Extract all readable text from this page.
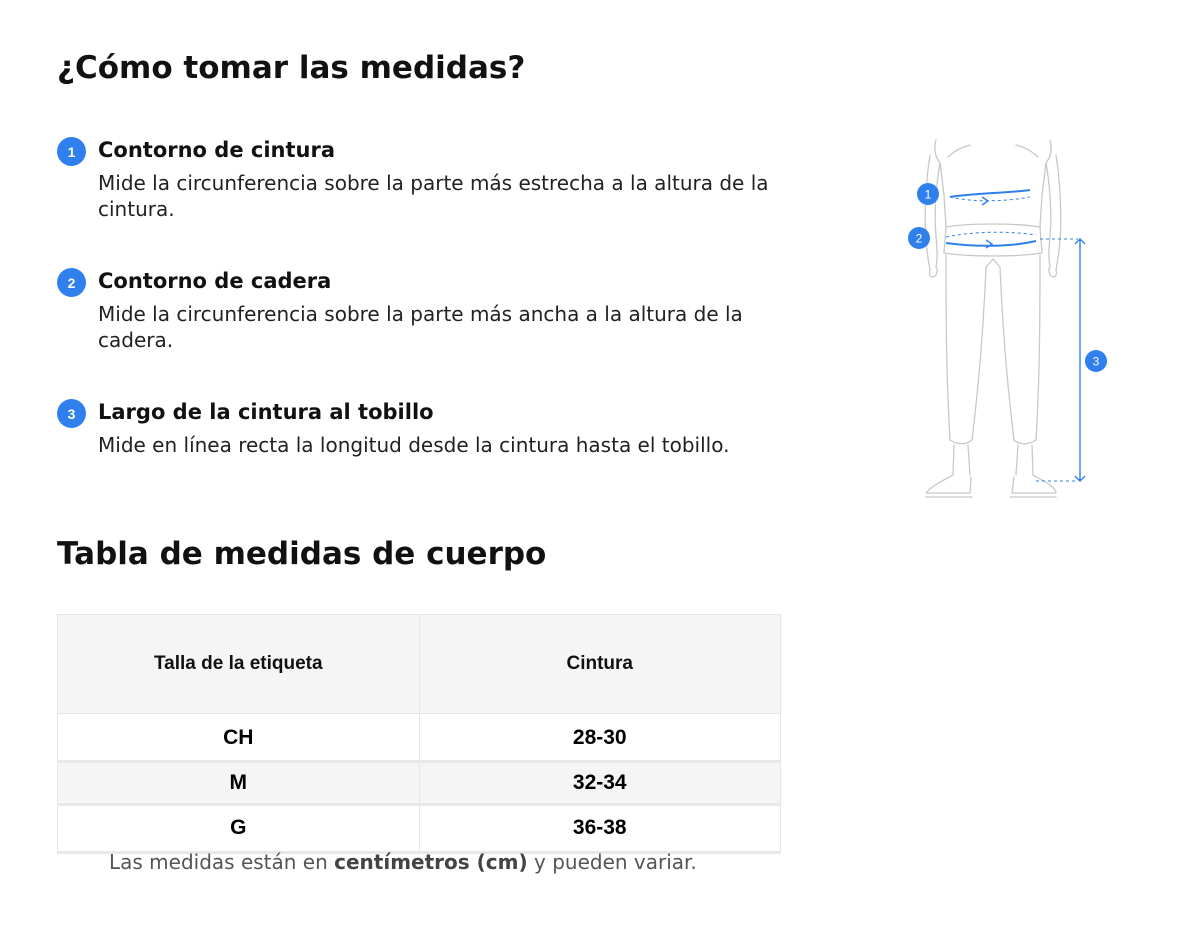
¿Cómo tomar las medidas?
1	Contorno de cintura

Mide la circunferencia sobre la parte más estrecha a la altura de la cintura.

2	Contorno de cadera

Mide la circunferencia sobre la parte más ancha a la altura de la cadera.

3	Largo de la cintura al tobillo

Mide en línea recta la longitud desde la cintura hasta el tobillo.

1
2
3
Tabla de medidas de cuerpo
Talla de la etiqueta	Cintura
CH	28-30
M	32-34
G	36-38

Las medidas están en centímetros (cm) y pueden variar.
